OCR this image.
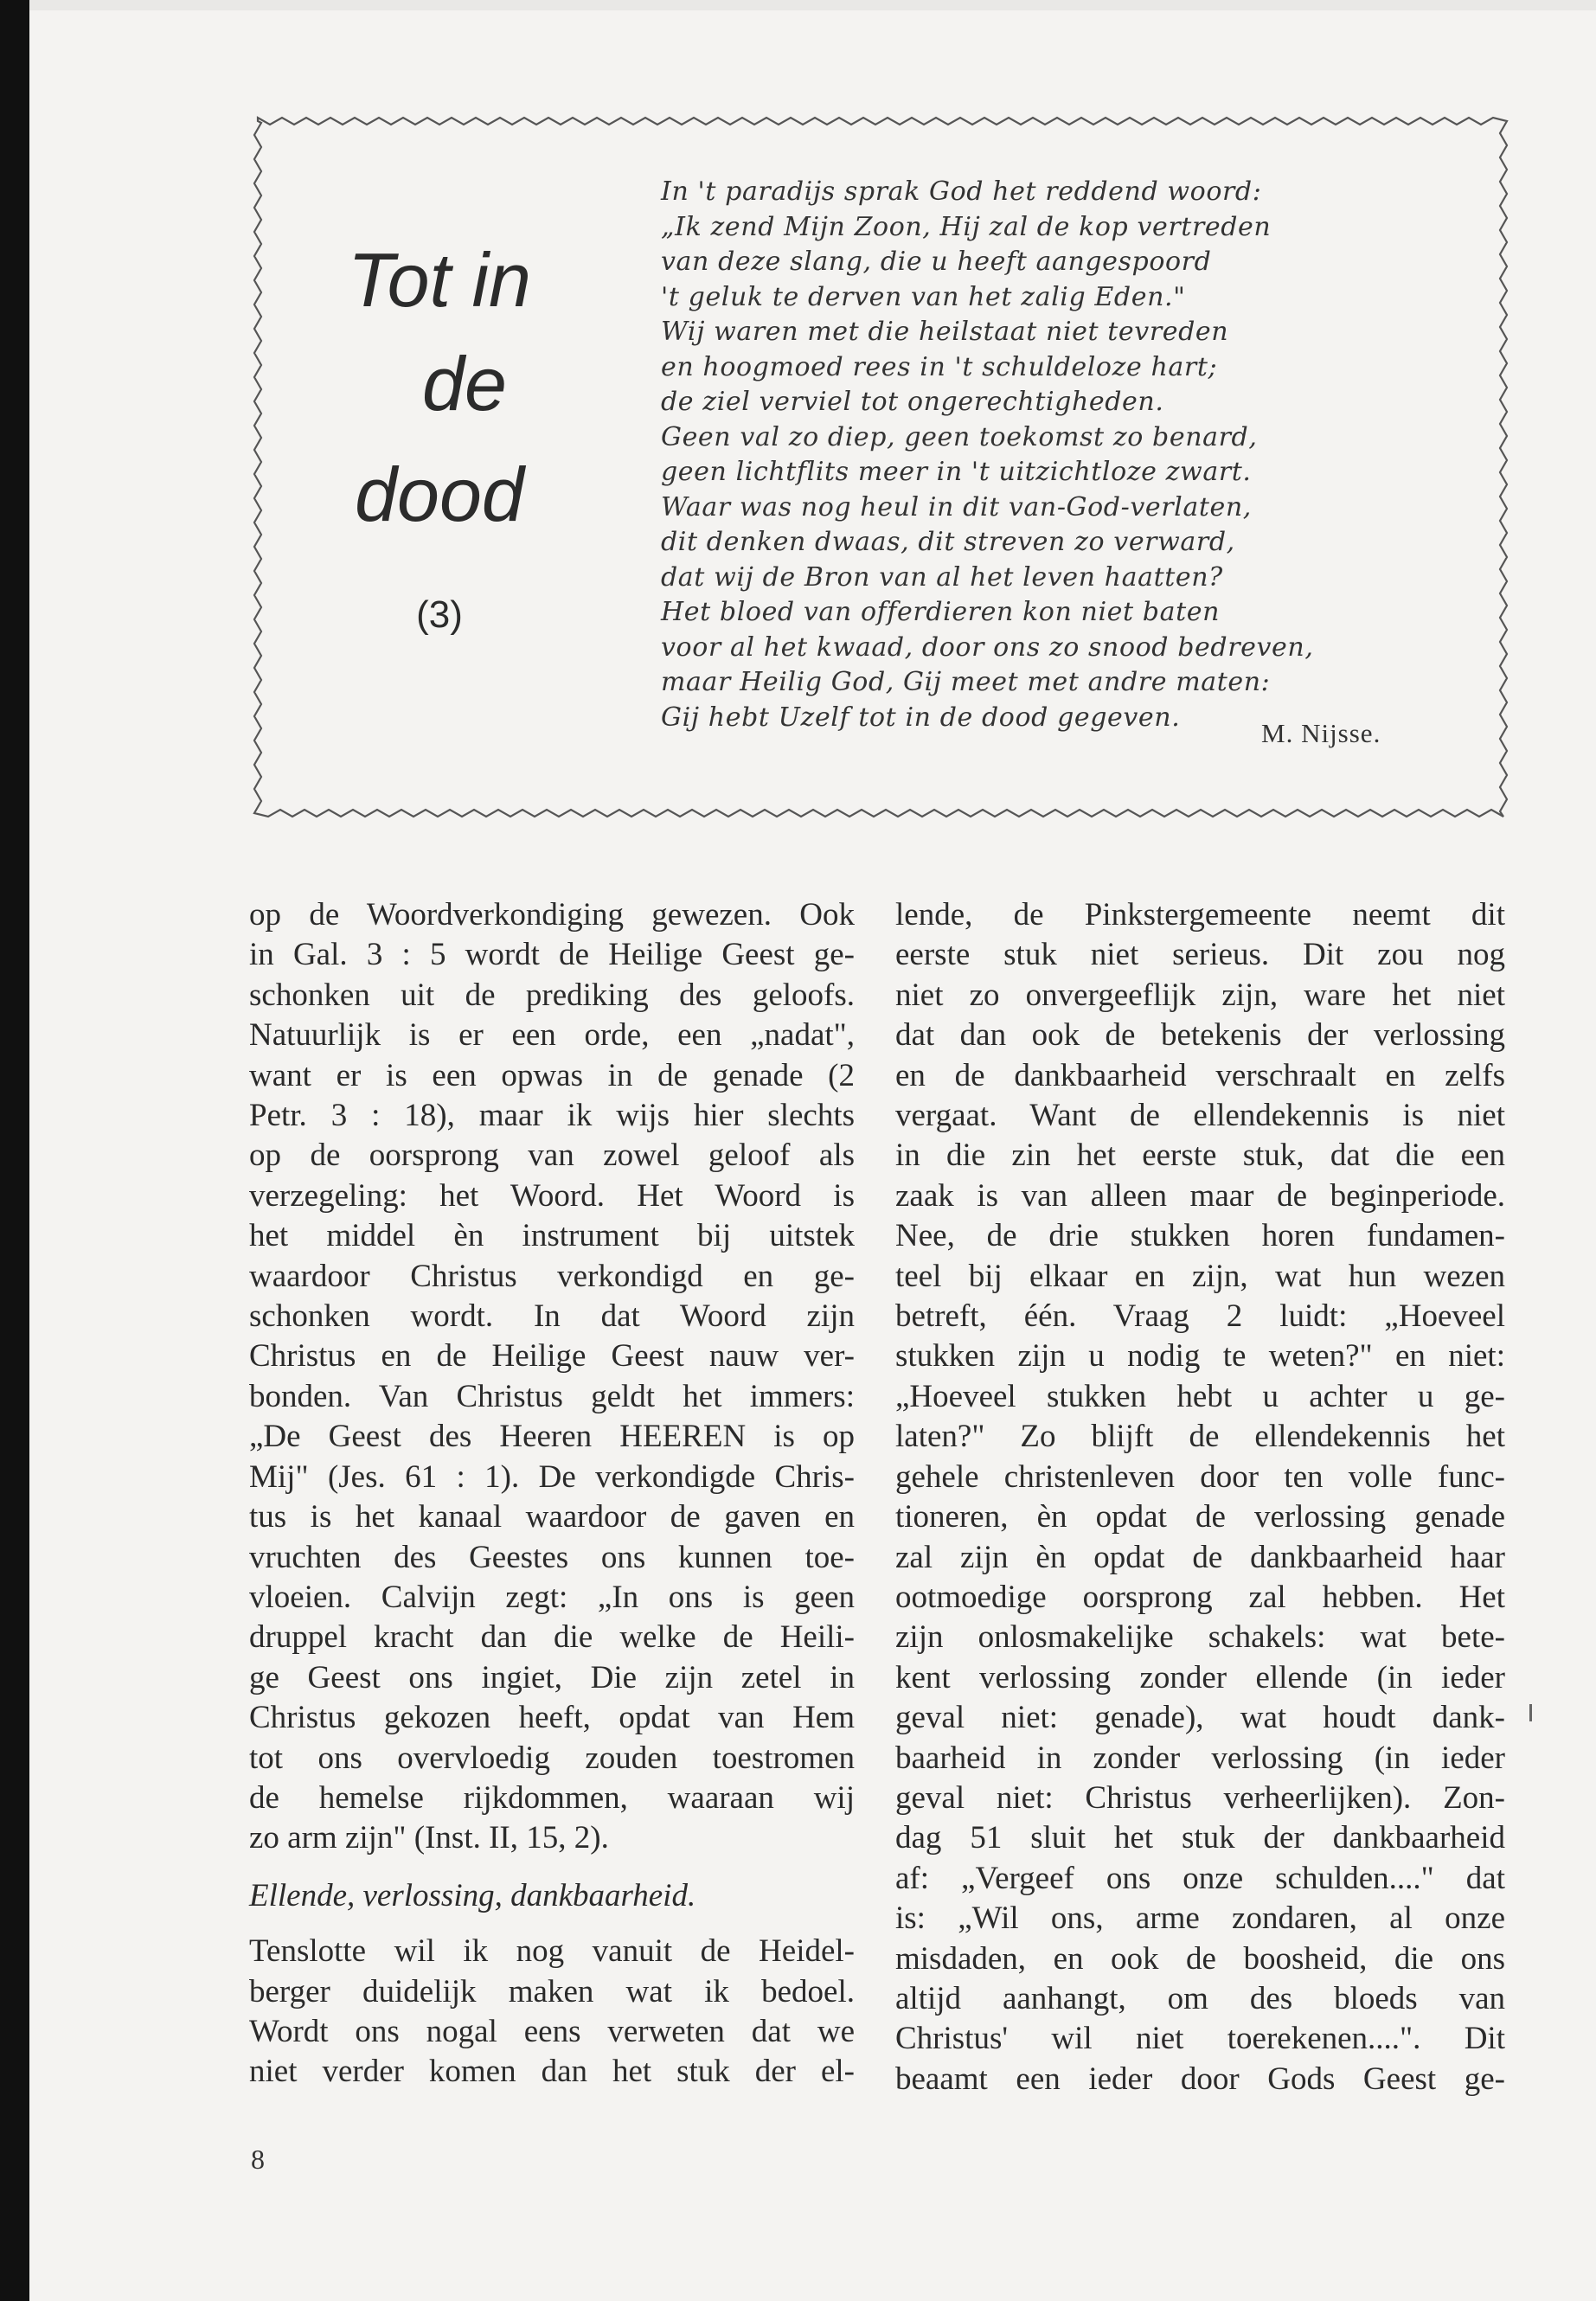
Tot in
de
dood
(3)
In 't paradijs sprak God het reddend woord:
„Ik zend Mijn Zoon, Hij zal de kop vertreden
van deze slang, die u heeft aangespoord
't geluk te derven van het zalig Eden."
Wij waren met die heilstaat niet tevreden
en hoogmoed rees in 't schuldeloze hart;
de ziel verviel tot ongerechtigheden.
Geen val zo diep, geen toekomst zo benard,
geen lichtflits meer in 't uitzichtloze zwart.
Waar was nog heul in dit van-God-verlaten,
dit denken dwaas, dit streven zo verward,
dat wij de Bron van al het leven haatten?
Het bloed van offerdieren kon niet baten
voor al het kwaad, door ons zo snood bedreven,
maar Heilig God, Gij meet met andre maten:
Gij hebt Uzelf tot in de dood gegeven.
M. Nijsse.
op de Woordverkondiging gewezen. Ook
in Gal. 3 : 5 wordt de Heilige Geest ge-
schonken uit de prediking des geloofs.
Natuurlijk is er een orde, een „nadat",
want er is een opwas in de genade (2
Petr. 3 : 18), maar ik wijs hier slechts
op de oorsprong van zowel geloof als
verzegeling: het Woord. Het Woord is
het middel èn instrument bij uitstek
waardoor Christus verkondigd en ge-
schonken wordt. In dat Woord zijn
Christus en de Heilige Geest nauw ver-
bonden. Van Christus geldt het immers:
„De Geest des Heeren HEEREN is op
Mij" (Jes. 61 : 1). De verkondigde Chris-
tus is het kanaal waardoor de gaven en
vruchten des Geestes ons kunnen toe-
vloeien. Calvijn zegt: „In ons is geen
druppel kracht dan die welke de Heili-
ge Geest ons ingiet, Die zijn zetel in
Christus gekozen heeft, opdat van Hem
tot ons overvloedig zouden toestromen
de hemelse rijkdommen, waaraan wij
zo arm zijn" (Inst. II, 15, 2).
Ellende, verlossing, dankbaarheid.
Tenslotte wil ik nog vanuit de Heidel-
berger duidelijk maken wat ik bedoel.
Wordt ons nogal eens verweten dat we
niet verder komen dan het stuk der el-
lende, de Pinkstergemeente neemt dit
eerste stuk niet serieus. Dit zou nog
niet zo onvergeeflijk zijn, ware het niet
dat dan ook de betekenis der verlossing
en de dankbaarheid verschraalt en zelfs
vergaat. Want de ellendekennis is niet
in die zin het eerste stuk, dat die een
zaak is van alleen maar de beginperiode.
Nee, de drie stukken horen fundamen-
teel bij elkaar en zijn, wat hun wezen
betreft, één. Vraag 2 luidt: „Hoeveel
stukken zijn u nodig te weten?" en niet:
„Hoeveel stukken hebt u achter u ge-
laten?" Zo blijft de ellendekennis het
gehele christenleven door ten volle func-
tioneren, èn opdat de verlossing genade
zal zijn èn opdat de dankbaarheid haar
ootmoedige oorsprong zal hebben. Het
zijn onlosmakelijke schakels: wat bete-
kent verlossing zonder ellende (in ieder
geval niet: genade), wat houdt dank-
baarheid in zonder verlossing (in ieder
geval niet: Christus verheerlijken). Zon-
dag 51 sluit het stuk der dankbaarheid
af: „Vergeef ons onze schulden...." dat
is: „Wil ons, arme zondaren, al onze
misdaden, en ook de boosheid, die ons
altijd aanhangt, om des bloeds van
Christus' wil niet toerekenen....". Dit
beaamt een ieder door Gods Geest ge-
8
